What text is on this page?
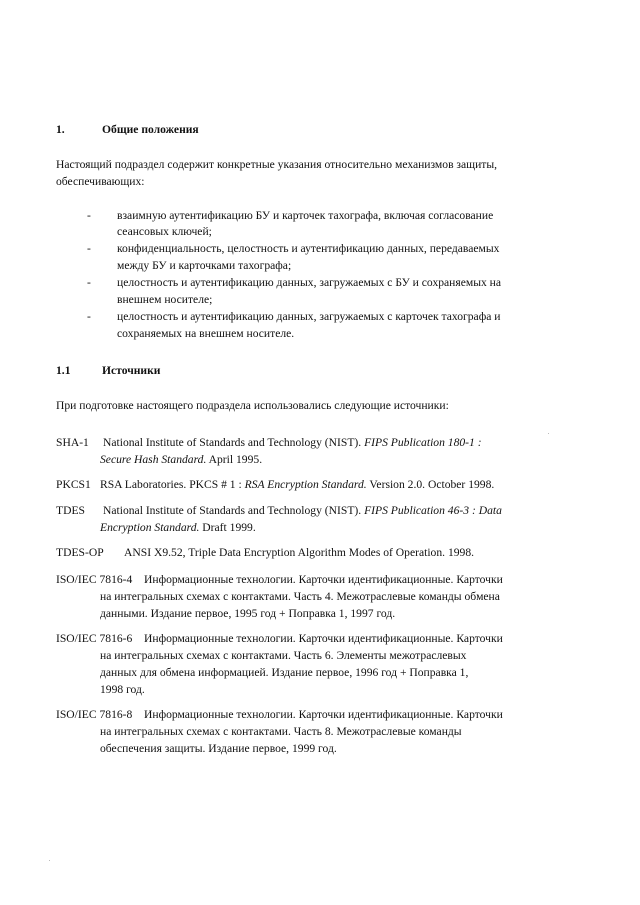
1.	Общие положения
Настоящий подраздел содержит конкретные указания относительно механизмов защиты,
обеспечивающих:
- взаимную аутентификацию БУ и карточек тахографа, включая согласование
сеансовых ключей;
- конфиденциальность, целостность и аутентификацию данных, передаваемых
между БУ и карточками тахографа;
- целостность и аутентификацию данных, загружаемых с БУ и сохраняемых на
внешнем носителе;
- целостность и аутентификацию данных, загружаемых с карточек тахографа и
сохраняемых на внешнем носителе.
1.1	Источники
При подготовке настоящего подраздела использовались следующие источники:
SHA-1 National Institute of Standards and Technology (NIST). FIPS Publication 180-1 :
Secure Hash Standard. April 1995.
PKCS1 RSA Laboratories. PKCS # 1 : RSA Encryption Standard. Version 2.0. October 1998.
TDES National Institute of Standards and Technology (NIST). FIPS Publication 46-3 : Data
Encryption Standard. Draft 1999.
TDES-OP ANSI X9.52, Triple Data Encryption Algorithm Modes of Operation. 1998.
ISO/IEC 7816-4 Информационные технологии. Карточки идентификационные. Карточки
на интегральных схемах с контактами. Часть 4. Межотраслевые команды обмена
данными. Издание первое, 1995 год + Поправка 1, 1997 год.
ISO/IEC 7816-6 Информационные технологии. Карточки идентификационные. Карточки
на интегральных схемах с контактами. Часть 6. Элементы межотраслевых
данных для обмена информацией. Издание первое, 1996 год + Поправка 1,
1998 год.
ISO/IEC 7816-8 Информационные технологии. Карточки идентификационные. Карточки
на интегральных схемах с контактами. Часть 8. Межотраслевые команды
обеспечения защиты. Издание первое, 1999 год.
